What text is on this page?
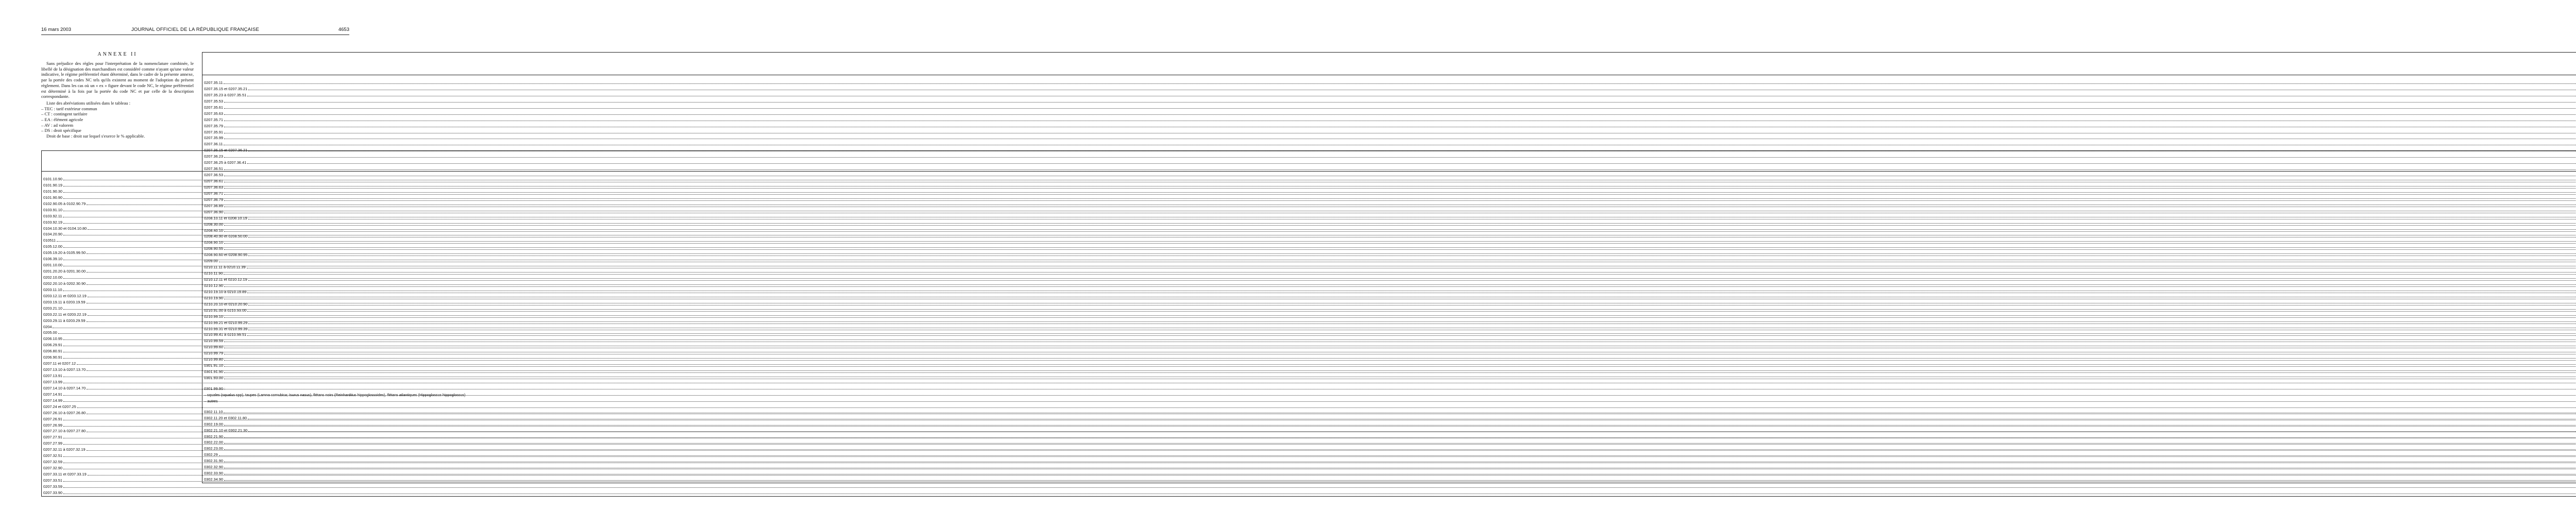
16 mars 2003	JOURNAL OFFICIEL DE LA RÉPUBLIQUE FRANÇAISE	4653
ANNEXE II

Sans préjudice des règles pour l'interprétation de la nomenclature combinée, le libellé de la désignation des marchandises est considéré comme n'ayant qu'une valeur indicative, le régime préférentiel étant déterminé, dans le cadre de la présente annexe, par la portée des codes NC tels qu'ils existent au moment de l'adoption du présent règlement. Dans les cas où un « ex » figure devant le code NC, le régime préférentiel est déterminé à la fois par la portée du code NC et par celle de la description correspondante.

Liste des abréviations utilisées dans le tableau :

– TEC : tarif extérieur commun
– CT : contingent tarifaire
– EA : élément agricole
– AV : ad valorem
– DS : droit spécifique

Droit de base : droit sur lequel s'exerce le % applicable.

0101.10.90		
0101.90.19		
0101.90.30		
0101.90.90		
0102.90.05 à 0102.90.79		
0103.91.10		
0103.92.11		
0103.92.19		
0104.10.30 et 0104.10.80		
0104.20.90		
010511		
0105.12.00		
0105.19.20 à 0105.99.50		
0106.39.10		
0201.10.00		
0201.20.20 à 0201.30.00		
0202.10.00		
0202.20.10 à 0202.30.90		
0203.11.10		
0203.12.11 et 0203.12.19		
0203.19.11 à 0203.19.59		
0203.21.10		
0203.22.11 et 0203.22.19		
0203.29.11 à 0203.29.59		
0204		
0205.00		
0206.10.95		
0206.29.91		
0206.80.91		
0206.90.91		
0207.11 et 0207.12		
0207.13.10 à 0207.13.70		
0207.13.91		
0207.13.99		
0207.14.10 à 0207.14.70		
0207.14.91		
0207.14.99		
0207.24 et 0207.25		
0207.26.10 à 0207.26.80		
0207.26.91		
0207.26.99		
0207.27.10 à 0207.27.80		
0207.27.91		
0207.27.99		
0207.32.11 à 0207.32.19		
0207.32.51		
0207.32.59		
0207.32.90		
0207.33.11 et 0207.33.19		
0207.33.51		
0207.33.59		
0207.33.90		

0207.35.11		
0207.35.15 et 0207.35.21		
0207.35.23 à 0207.35.51		
0207.35.53		
0207.35.61		
0207.35.63		
0207.35.71		
0207.35.79		
0207.35.91		
0207.35.99		
0207.36.11		
0207.36.15 et 0207.36.21		
0207.36.23		
0207.36.25 à 0207.36.41		
0207.36.51		
0207.36.53		
0207.36.61		
0207.36.63		
0207.36.71		
0207.36.79		
0207.36.89		
0207.36.90		
0208.10.11 et 0208.10.19		
0208.30.00		
0208.40.10		
0208.40.90 et 0208.50.00		
0208.90.10		
0208.90.55		
0208.90.60 et 0208.90.95		
0209.00		
0210.11.11 à 0210.11.39		
0210.11.90		
0210.12.11 et 0210.12.19		
0210.12.90		
0210.19.10 à 0210.19.89		
0210.19.90		
0210.20.10 et 0210.20.90		
0210.91.00 à 0210.93.00		
0210.99.10		
0210.99.21 et 0210.99.29		
0210.99.31 et 0210.99.39		
0210.99.41 à 0210.99.51		
0210.99.59		
0210.99.60		
0210.99.79		
0210.99.80		
0301.91.10		
0301.91.90		
0301.93.00		

0301.99.90 :		
– squales (squalus spp), taupes (Lamna cornubica; Isurus nasus), flétans noirs (Reinhardtius hippoglossoides), flétans atlantiques (Hippoglossus hippoglossus)		
– autres		

0302.11.10		
0302.11.20 et 0302.11.80		
0302.19.00		
0302.21.10 et 0302.21.30		
0302.21.90		
0302.22.00		
0302.23.00		
0302.29		
0302.31.90		
0302.32.90		
0302.33.90		
0302.34.90		
